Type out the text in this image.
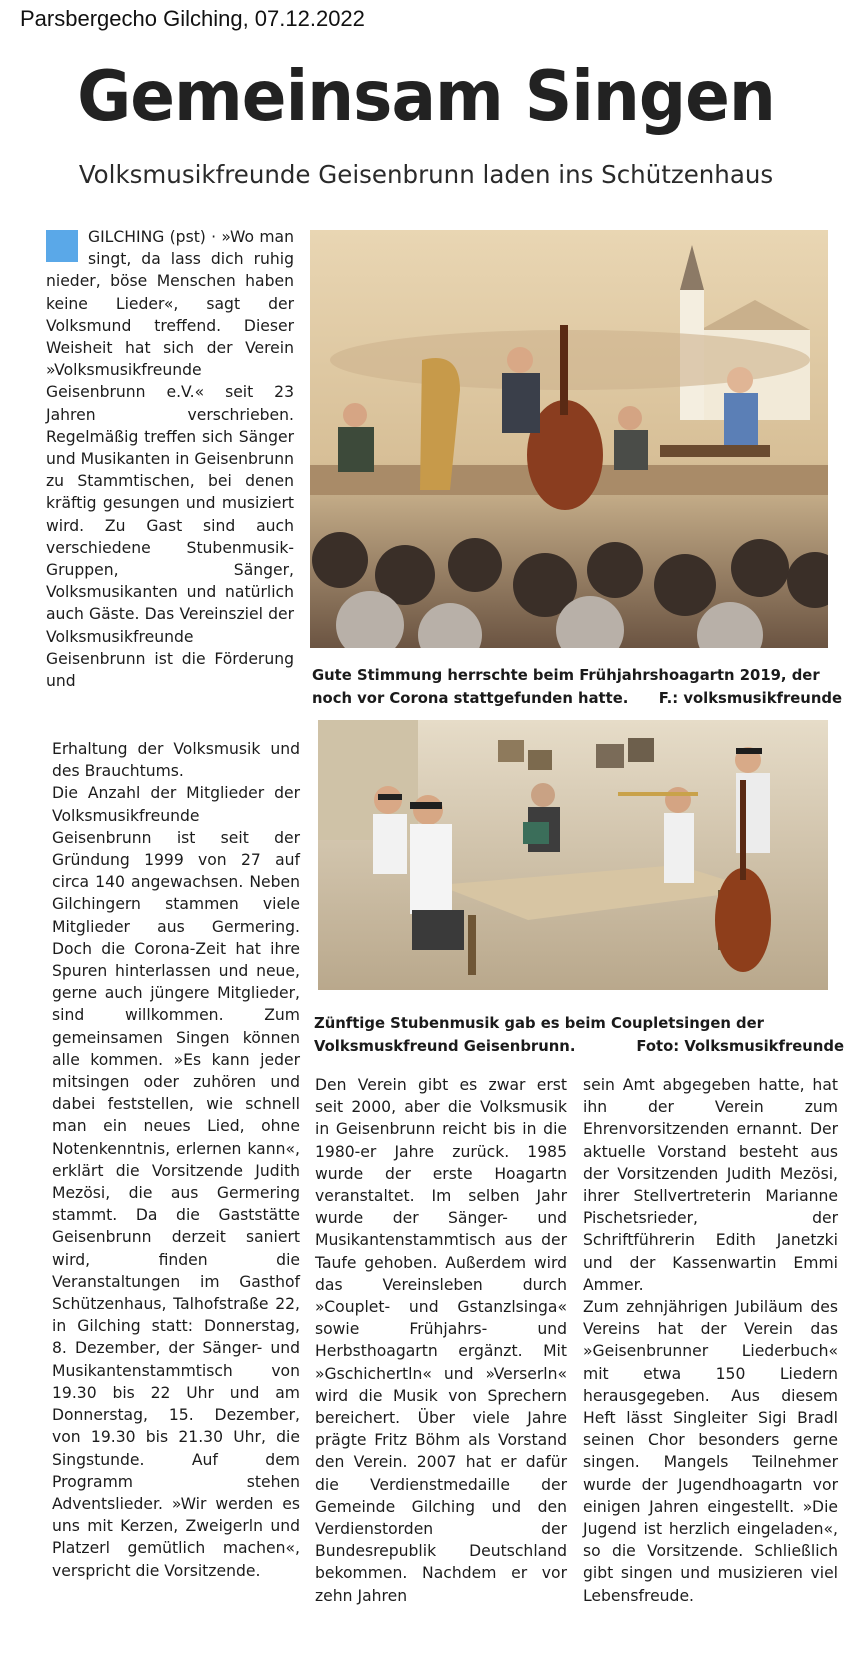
Parsbergecho Gilching, 07.12.2022
Gemeinsam Singen
Volksmusikfreunde Geisenbrunn laden ins Schützenhaus

GILCHING (pst) · »Wo man singt, da lass dich ruhig nieder, böse Menschen haben keine Lieder«, sagt der Volksmund treffend. Dieser Weisheit hat sich der Verein »Volksmusikfreunde Geisenbrunn e.V.« seit 23 Jahren verschrieben. Regelmäßig treffen sich Sänger und Musikanten in Geisenbrunn zu Stammtischen, bei denen kräftig gesungen und musiziert wird. Zu Gast sind auch verschiedene Stubenmusik-Gruppen, Sänger, Volksmusikanten und natürlich auch Gäste. Das Vereinsziel der Volksmusikfreunde Geisenbrunn ist die Förderung und

Erhaltung der Volksmusik und des Brauchtums.

Die Anzahl der Mitglieder der Volksmusikfreunde Geisenbrunn ist seit der Gründung 1999 von 27 auf circa 140 angewachsen. Neben Gilchingern stammen viele Mitglieder aus Germering. Doch die Corona-Zeit hat ihre Spuren hinterlassen und neue, gerne auch jüngere Mitglieder, sind willkommen. Zum gemeinsamen Singen können alle kommen. »Es kann jeder mitsingen oder zuhören und dabei feststellen, wie schnell man ein neues Lied, ohne Notenkenntnis, erlernen kann«, erklärt die Vorsitzende Judith Mezösi, die aus Germering stammt. Da die Gaststätte Geisenbrunn derzeit saniert wird, finden die Veranstaltungen im Gasthof Schützenhaus, Talhofstraße 22, in Gilching statt: Donnerstag, 8. Dezember, der Sänger- und Musikantenstammtisch von 19.30 bis 22 Uhr und am Donnerstag, 15. Dezember, von 19.30 bis 21.30 Uhr, die Singstunde. Auf dem Programm stehen Adventslieder. »Wir werden es uns mit Kerzen, Zweigerln und Platzerl gemütlich machen«, verspricht die Vorsitzende.

Den Verein gibt es zwar erst seit 2000, aber die Volksmusik in Geisenbrunn reicht bis in die 1980-er Jahre zurück. 1985 wurde der erste Hoagartn veranstaltet. Im selben Jahr wurde der Sänger- und Musikantenstammtisch aus der Taufe gehoben. Außerdem wird das Vereinsleben durch »Couplet- und Gstanzlsinga« sowie Frühjahrs- und Herbsthoagartn ergänzt. Mit »Gschichertln« und »Verserln« wird die Musik von Sprechern bereichert. Über viele Jahre prägte Fritz Böhm als Vorstand den Verein. 2007 hat er dafür die Verdienstmedaille der Gemeinde Gilching und den Verdienstorden der Bundesrepublik Deutschland bekommen. Nachdem er vor zehn Jahren

sein Amt abgegeben hatte, hat ihn der Verein zum Ehrenvorsitzenden ernannt. Der aktuelle Vorstand besteht aus der Vorsitzenden Judith Mezösi, ihrer Stellvertreterin Marianne Pischetsrieder, der Schriftführerin Edith Janetzki und der Kassenwartin Emmi Ammer.

Zum zehnjährigen Jubiläum des Vereins hat der Verein das »Geisenbrunner Liederbuch« mit etwa 150 Liedern herausgegeben. Aus diesem Heft lässt Singleiter Sigi Bradl seinen Chor besonders gerne singen. Mangels Teilnehmer wurde der Jugendhoagartn vor einigen Jahren eingestellt. »Die Jugend ist herzlich eingeladen«, so die Vorsitzende. Schließlich gibt singen und musizieren viel Lebensfreude.

Gute Stimmung herrschte beim Frühjahrshoagartn 2019, der noch vor Corona stattgefunden hatte. F.: volksmusikfreunde
Zünftige Stubenmusik gab es beim Coupletsingen der Volksmuskfreund Geisenbrunn.	Foto: Volksmusikfreunde
